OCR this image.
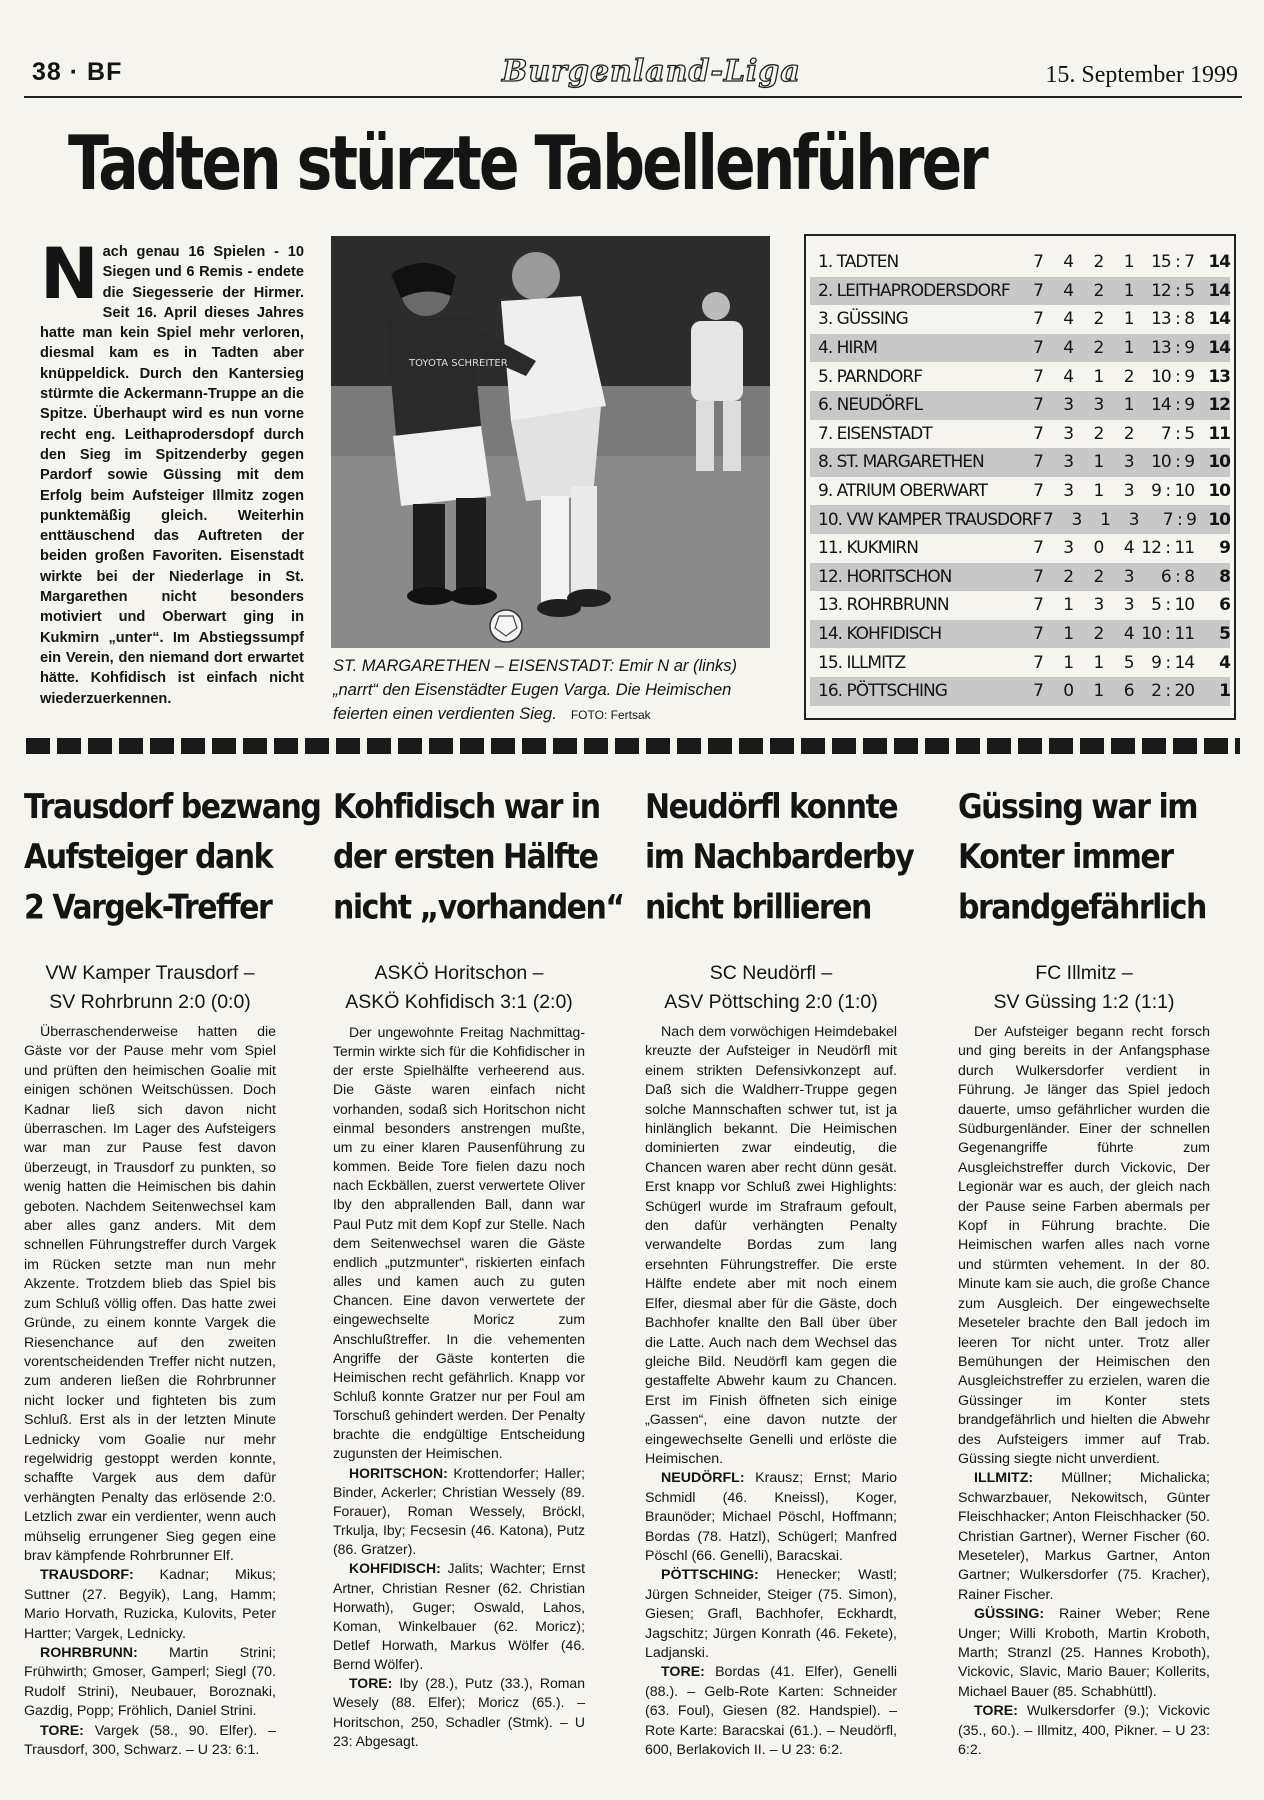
38 · BF	Burgenland-Liga	15. September 1999
Tadten stürzte Tabellenführer
Nach genau 16 Spielen - 10 Siegen und 6 Remis - endete die Siegesserie der Hirmer. Seit 16. April dieses Jahres hatte man kein Spiel mehr verloren, diesmal kam es in Tadten aber knüppeldick. Durch den Kantersieg stürmte die Ackermann-Truppe an die Spitze. Überhaupt wird es nun vorne recht eng. Leithaprodersdopf durch den Sieg im Spitzenderby gegen Pardorf sowie Güssing mit dem Erfolg beim Aufsteiger Illmitz zogen punktemäßig gleich. Weiterhin enttäuschend das Auftreten der beiden großen Favoriten. Eisenstadt wirkte bei der Niederlage in St. Margarethen nicht besonders motiviert und Oberwart ging in Kukmirn „unter“. Im Abstiegssumpf ein Verein, den niemand dort erwartet hätte. Kohfidisch ist einfach nicht wiederzuerkennen.
TOYOTA SCHREITER
ST. MARGARETHEN – EISENSTADT: Emir N ar (links) „narrt“ den Eisenstädter Eugen Varga. Die Heimischen feierten einen verdienten Sieg. FOTO: Fertsak
1. TADTEN	7	4	2	1	15 : 7 14
2. LEITHAPRODERSDORF	7	4	2	1	12 : 5 14
3. GÜSSING	7	4	2	1	13 : 8 14
4. HIRM	7	4	2	1	13 : 9 14
5. PARNDORF	7	4	1	2	10 : 9 13
6. NEUDÖRFL	7	3	3	1	14 : 9 12
7. EISENSTADT	7	3	2	2	7 : 5 11
8. ST. MARGARETHEN	7	3	1	3	10 : 9 10
9. ATRIUM OBERWART	7	3	1	3	9 : 10 10
10. VW KAMPER TRAUSDORF 7	3	1	3	7 : 9 10
11. KUKMIRN	7	3	0	4 12 : 11	9
12. HORITSCHON	7	2	2	3	6 : 8	8
13. ROHRBRUNN	7	1	3	3	5 : 10	6
14. KOHFIDISCH	7	1	2	4 10 : 11	5
15. ILLMITZ	7	1	1	5	9 : 14	4
16. PÖTTSCHING	7	0	1	6	2 : 20	1
Trausdorf bezwang
Aufsteiger dank
2 Vargek-Treffer
VW Kamper Trausdorf –
SV Rohrbrunn 2:0 (0:0)

Überraschenderweise hatten die Gäste vor der Pause mehr vom Spiel und prüften den heimischen Goalie mit einigen schönen Weitschüssen. Doch Kadnar ließ sich davon nicht überraschen. Im Lager des Aufsteigers war man zur Pause fest davon überzeugt, in Trausdorf zu punkten, so wenig hatten die Heimischen bis dahin geboten. Nachdem Seitenwechsel kam aber alles ganz anders. Mit dem schnellen Führungstreffer durch Vargek im Rücken setzte man nun mehr Akzente. Trotzdem blieb das Spiel bis zum Schluß völlig offen. Das hatte zwei Gründe, zu einem konnte Vargek die Riesenchance auf den zweiten vorentscheidenden Treffer nicht nutzen, zum anderen ließen die Rohrbrunner nicht locker und fighteten bis zum Schluß. Erst als in der letzten Minute Lednicky vom Goalie nur mehr regelwidrig gestoppt werden konnte, schaffte Vargek aus dem dafür verhängten Penalty das erlösende 2:0. Letzlich zwar ein verdienter, wenn auch mühselig errungener Sieg gegen eine brav kämpfende Rohrbrunner Elf.

TRAUSDORF: Kadnar; Mikus; Suttner (27. Begyik), Lang, Hamm; Mario Horvath, Ruzicka, Kulovits, Peter Hartter; Vargek, Lednicky.

ROHRBRUNN: Martin Strini; Frühwirth; Gmoser, Gamperl; Siegl (70. Rudolf Strini), Neubauer, Boroznaki, Gazdig, Popp; Fröhlich, Daniel Strini.

TORE: Vargek (58., 90. Elfer). – Trausdorf, 300, Schwarz. – U 23: 6:1.

Kohfidisch war in
der ersten Hälfte
nicht „vorhanden“
ASKÖ Horitschon –
ASKÖ Kohfidisch 3:1 (2:0)

Der ungewohnte Freitag Nachmittag-Termin wirkte sich für die Kohfidischer in der erste Spielhälfte verheerend aus. Die Gäste waren einfach nicht vorhanden, sodaß sich Horitschon nicht einmal besonders anstrengen mußte, um zu einer klaren Pausenführung zu kommen. Beide Tore fielen dazu noch nach Eckbällen, zuerst verwertete Oliver Iby den abprallenden Ball, dann war Paul Putz mit dem Kopf zur Stelle. Nach dem Seitenwechsel waren die Gäste endlich „putzmunter“, riskierten einfach alles und kamen auch zu guten Chancen. Eine davon verwertete der eingewechselte Moricz zum Anschlußtreffer. In die vehementen Angriffe der Gäste konterten die Heimischen recht gefährlich. Knapp vor Schluß konnte Gratzer nur per Foul am Torschuß gehindert werden. Der Penalty brachte die endgültige Entscheidung zugunsten der Heimischen.

HORITSCHON: Krottendorfer; Haller; Binder, Ackerler; Christian Wessely (89. Forauer), Roman Wessely, Bröckl, Trkulja, Iby; Fecsesin (46. Katona), Putz (86. Gratzer).

KOHFIDISCH: Jalits; Wachter; Ernst Artner, Christian Resner (62. Christian Horwath), Guger; Oswald, Lahos, Koman, Winkelbauer (62. Moricz); Detlef Horwath, Markus Wölfer (46. Bernd Wölfer).

TORE: Iby (28.), Putz (33.), Roman Wesely (88. Elfer); Moricz (65.). – Horitschon, 250, Schadler (Stmk). – U 23: Abgesagt.

Neudörfl konnte
im Nachbarderby
nicht brillieren
SC Neudörfl –
ASV Pöttsching 2:0 (1:0)

Nach dem vorwöchigen Heimdebakel kreuzte der Aufsteiger in Neudörfl mit einem strikten Defensivkonzept auf. Daß sich die Waldherr-Truppe gegen solche Mannschaften schwer tut, ist ja hinlänglich bekannt. Die Heimischen dominierten zwar eindeutig, die Chancen waren aber recht dünn gesät. Erst knapp vor Schluß zwei Highlights: Schügerl wurde im Strafraum gefoult, den dafür verhängten Penalty verwandelte Bordas zum lang ersehnten Führungstreffer. Die erste Hälfte endete aber mit noch einem Elfer, diesmal aber für die Gäste, doch Bachhofer knallte den Ball über über die Latte. Auch nach dem Wechsel das gleiche Bild. Neudörfl kam gegen die gestaffelte Abwehr kaum zu Chancen. Erst im Finish öffneten sich einige „Gassen“, eine davon nutzte der eingewechselte Genelli und erlöste die Heimischen.

NEUDÖRFL: Krausz; Ernst; Mario Schmidl (46. Kneissl), Koger, Braunöder; Michael Pöschl, Hoffmann; Bordas (78. Hatzl), Schügerl; Manfred Pöschl (66. Genelli), Baracskai.

PÖTTSCHING: Henecker; Wastl; Jürgen Schneider, Steiger (75. Simon), Giesen; Grafl, Bachhofer, Eckhardt, Jagschitz; Jürgen Konrath (46. Fekete), Ladjanski.

TORE: Bordas (41. Elfer), Genelli (88.). – Gelb-Rote Karten: Schneider (63. Foul), Giesen (82. Handspiel). – Rote Karte: Baracskai (61.). – Neudörfl, 600, Berlakovich II. – U 23: 6:2.

Güssing war im
Konter immer
brandgefährlich
FC Illmitz –
SV Güssing 1:2 (1:1)

Der Aufsteiger begann recht forsch und ging bereits in der Anfangsphase durch Wulkersdorfer verdient in Führung. Je länger das Spiel jedoch dauerte, umso gefährlicher wurden die Südburgenländer. Einer der schnellen Gegenangriffe führte zum Ausgleichstreffer durch Vickovic, Der Legionär war es auch, der gleich nach der Pause seine Farben abermals per Kopf in Führung brachte. Die Heimischen warfen alles nach vorne und stürmten vehement. In der 80. Minute kam sie auch, die große Chance zum Ausgleich. Der eingewechselte Meseteler brachte den Ball jedoch im leeren Tor nicht unter. Trotz aller Bemühungen der Heimischen den Ausgleichstreffer zu erzielen, waren die Güssinger im Konter stets brandgefährlich und hielten die Abwehr des Aufsteigers immer auf Trab. Güssing siegte nicht unverdient.

ILLMITZ: Müllner; Michalicka; Schwarzbauer, Nekowitsch, Günter Fleischhacker; Anton Fleischhacker (50. Christian Gartner), Werner Fischer (60. Meseteler), Markus Gartner, Anton Gartner; Wulkersdorfer (75. Kracher), Rainer Fischer.

GÜSSING: Rainer Weber; Rene Unger; Willi Kroboth, Martin Kroboth, Marth; Stranzl (25. Hannes Kroboth), Vickovic, Slavic, Mario Bauer; Kollerits, Michael Bauer (85. Schabhüttl).

TORE: Wulkersdorfer (9.); Vickovic (35., 60.). – Illmitz, 400, Pikner. – U 23: 6:2.
